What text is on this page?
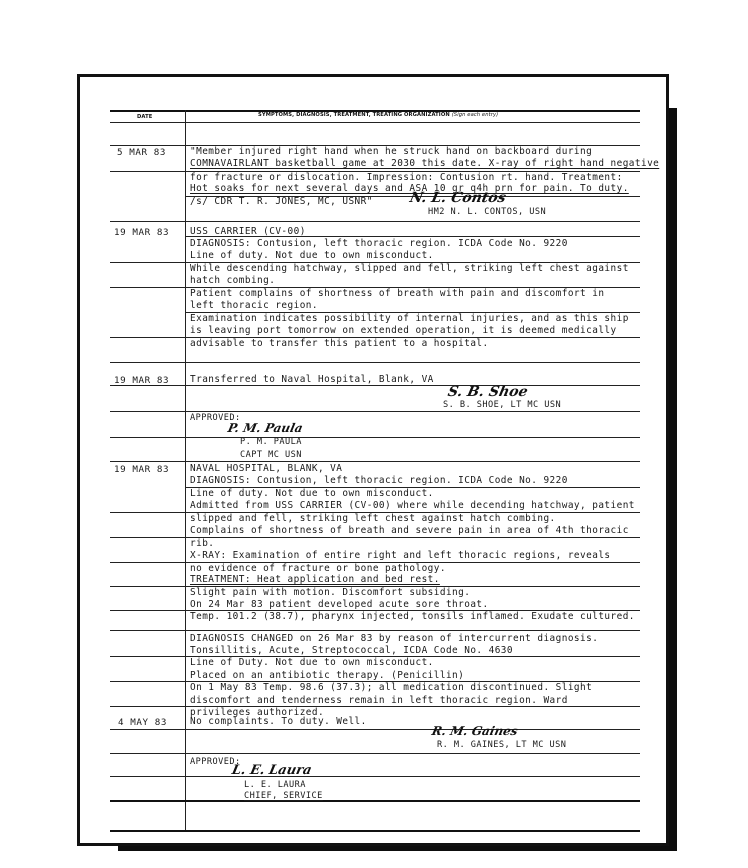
DATE	SYMPTOMS, DIAGNOSIS, TREATMENT, TREATING ORGANIZATION (Sign each entry)
5 MAR 83	"Member injured right hand when he struck hand on backboard during
COMNAVAIRLANT basketball game at 2030 this date. X-ray of right hand negative
for fracture or dislocation. Impression: Contusion rt. hand. Treatment:
Hot soaks for next several days and ASA 10 gr q4h prn for pain. To duty.
/s/ CDR T. R. JONES, MC, USNR"	N. L. Contos
HM2 N. L. CONTOS, USN
19 MAR 83 USS CARRIER (CV-00)
DIAGNOSIS: Contusion, left thoracic region. ICDA Code No. 9220
Line of duty. Not due to own misconduct.
While descending hatchway, slipped and fell, striking left chest against
hatch combing.
Patient complains of shortness of breath with pain and discomfort in
left thoracic region.
Examination indicates possibility of internal injuries, and as this ship
is leaving port tomorrow on extended operation, it is deemed medically
advisable to transfer this patient to a hospital.
19 MAR 83 Transferred to Naval Hospital, Blank, VA
S. B. Shoe
S. B. SHOE, LT MC USN
APPROVED:
P. M. Paula
P. M. PAULA
CAPT MC USN
19 MAR 83 NAVAL HOSPITAL, BLANK, VA
DIAGNOSIS: Contusion, left thoracic region. ICDA Code No. 9220
Line of duty. Not due to own misconduct.
Admitted from USS CARRIER (CV-00) where while decending hatchway, patient
slipped and fell, striking left chest against hatch combing.
Complains of shortness of breath and severe pain in area of 4th thoracic
rib.
X-RAY: Examination of entire right and left thoracic regions, reveals
no evidence of fracture or bone pathology.
TREATMENT: Heat application and bed rest.
Slight pain with motion. Discomfort subsiding.
On 24 Mar 83 patient developed acute sore throat.
Temp. 101.2 (38.7), pharynx injected, tonsils inflamed. Exudate cultured.
DIAGNOSIS CHANGED on 26 Mar 83 by reason of intercurrent diagnosis.
Tonsillitis, Acute, Streptococcal, ICDA Code No. 4630
Line of Duty. Not due to own misconduct.
Placed on an antibiotic therapy. (Penicillin)
On 1 May 83 Temp. 98.6 (37.3); all medication discontinued. Slight
discomfort and tenderness remain in left thoracic region. Ward
privileges authorized.
4 MAY 83 No complaints. To duty. Well.
R. M. Gaines
R. M. GAINES, LT MC USN
APPROVED:
L. E. Laura
L. E. LAURA
CHIEF, SERVICE
